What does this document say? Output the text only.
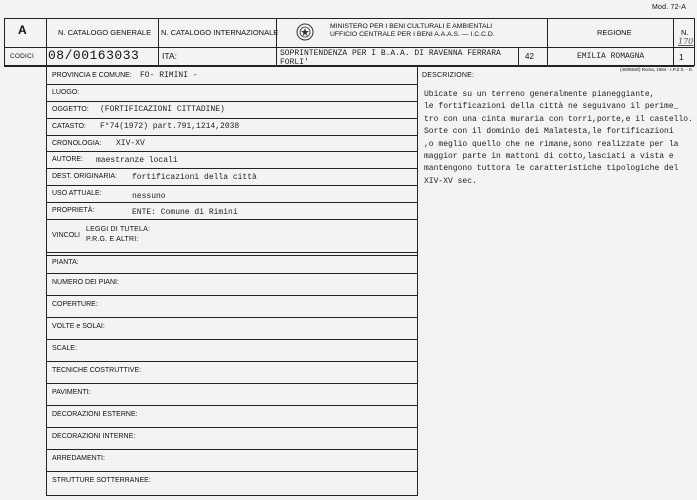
Mod. 72-A
A
CODICI
N. CATALOGO GENERALE
08/00163033
N. CATALOGO INTERNAZIONALE
ITA:
MINISTERO PER I BENI CULTURALI E AMBIENTALI
UFFICIO CENTRALE PER I BENI A.A.A.S. — I.C.C.D.
SOPRINTENDENZA PER I B.A.A. DI RAVENNA FERRARA
FORLI'
42
REGIONE
EMILIA ROMAGNA
N.
170
1
(4005530) Roma, 1984 - I.P.Z.S. - S.
PROVINCIA E COMUNE: FO- RIMINI -
LUOGO:
OGGETTO: (FORTIFICAZIONI CITTADINE)
CATASTO: F°74(1972) part.791,1214,2038
CRONOLOGIA: XIV-XV
AUTORE: maestranze locali
DEST. ORIGINARIA: fortificazioni della città
USO ATTUALE:	nessuno
PROPRIETÀ:	ENTE: Comune di Rimini
VINCOLI
LEGGI DI TUTELA:
P.R.G. E ALTRI:
PIANTA:
NUMERO DEI PIANI:
COPERTURE:
VOLTE e SOLAI:
SCALE:
TECNICHE COSTRUTTIVE:
PAVIMENTI:
DECORAZIONI ESTERNE:
DECORAZIONI INTERNE:
ARREDAMENTI:
STRUTTURE SOTTERRANEE:
DESCRIZIONE:
Ubicate su un terreno generalmente pianeggiante,
le fortificazioni della città ne seguivano il perime_
tro con una cinta muraria con torri,porte,e il castello.
Sorte con il dominio dei Malatesta,le fortificazioni
,o meglio quello che ne rimane,sono realizzate per la
maggior parte in mattoni di cotto,lasciati a vista e
mantengono tuttora le caratteristiche tipologiche del
XIV-XV sec.
